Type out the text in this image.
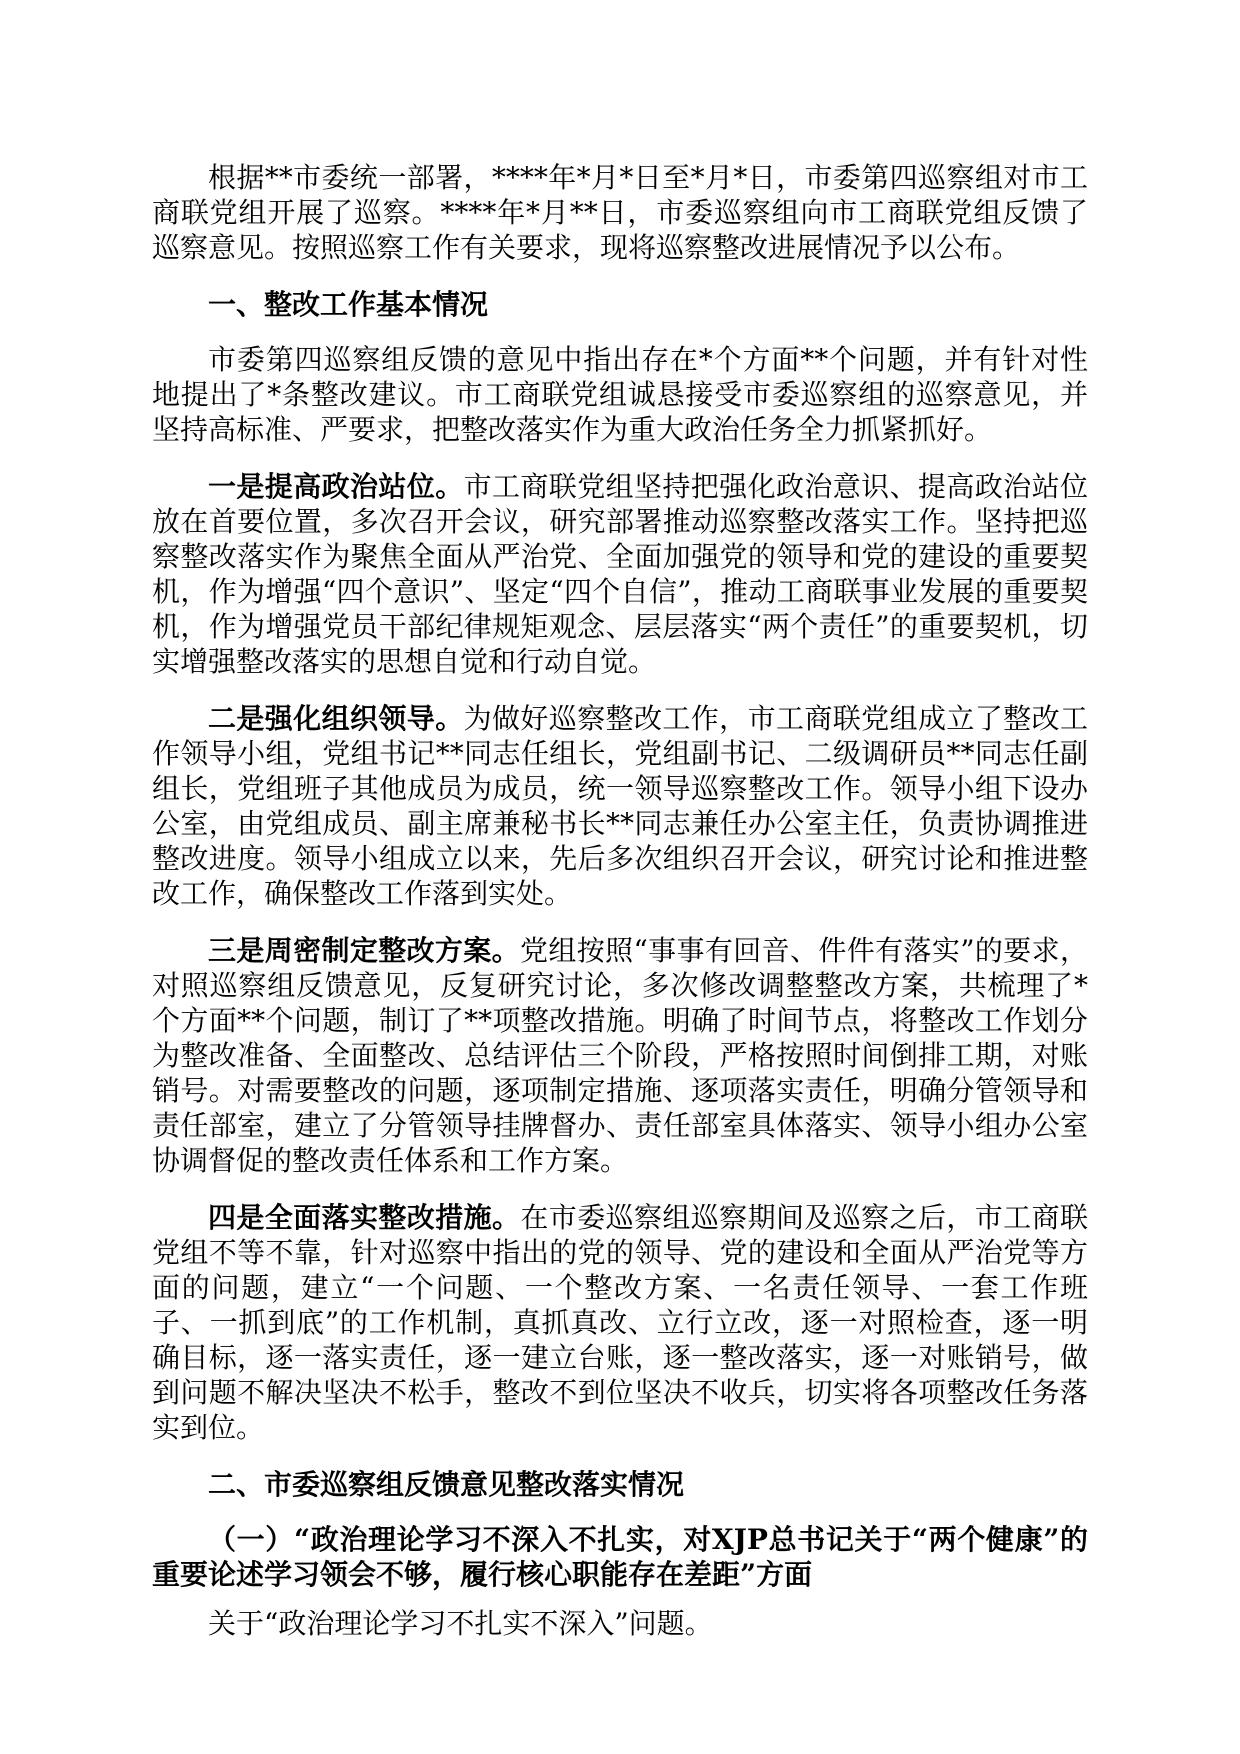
根据**市委统一部署，****年*月*日至*月*日，市委第四巡察组对市工商联党组开展了巡察。****年*月**日，市委巡察组向市工商联党组反馈了巡察意见。按照巡察工作有关要求，现将巡察整改进展情况予以公布。

一、整改工作基本情况

市委第四巡察组反馈的意见中指出存在*个方面**个问题，并有针对性地提出了*条整改建议。市工商联党组诚恳接受市委巡察组的巡察意见，并坚持高标准、严要求，把整改落实作为重大政治任务全力抓紧抓好。

一是提高政治站位。市工商联党组坚持把强化政治意识、提高政治站位放在首要位置，多次召开会议，研究部署推动巡察整改落实工作。坚持把巡察整改落实作为聚焦全面从严治党、全面加强党的领导和党的建设的重要契机，作为增强“四个意识”、坚定“四个自信”，推动工商联事业发展的重要契机，作为增强党员干部纪律规矩观念、层层落实“两个责任”的重要契机，切实增强整改落实的思想自觉和行动自觉。

二是强化组织领导。为做好巡察整改工作，市工商联党组成立了整改工作领导小组，党组书记**同志任组长，党组副书记、二级调研员**同志任副组长，党组班子其他成员为成员，统一领导巡察整改工作。领导小组下设办公室，由党组成员、副主席兼秘书长**同志兼任办公室主任，负责协调推进整改进度。领导小组成立以来，先后多次组织召开会议，研究讨论和推进整改工作，确保整改工作落到实处。

三是周密制定整改方案。党组按照“事事有回音、件件有落实”的要求，对照巡察组反馈意见，反复研究讨论，多次修改调整整改方案，共梳理了*个方面**个问题，制订了**项整改措施。明确了时间节点，将整改工作划分为整改准备、全面整改、总结评估三个阶段，严格按照时间倒排工期，对账销号。对需要整改的问题，逐项制定措施、逐项落实责任，明确分管领导和责任部室，建立了分管领导挂牌督办、责任部室具体落实、领导小组办公室协调督促的整改责任体系和工作方案。

四是全面落实整改措施。在市委巡察组巡察期间及巡察之后，市工商联党组不等不靠，针对巡察中指出的党的领导、党的建设和全面从严治党等方面的问题，建立“一个问题、一个整改方案、一名责任领导、一套工作班子、一抓到底”的工作机制，真抓真改、立行立改，逐一对照检查，逐一明确目标，逐一落实责任，逐一建立台账，逐一整改落实，逐一对账销号，做到问题不解决坚决不松手，整改不到位坚决不收兵，切实将各项整改任务落实到位。

二、市委巡察组反馈意见整改落实情况

（一）“政治理论学习不深入不扎实，对XJP总书记关于“两个健康”的重要论述学习领会不够，履行核心职能存在差距”方面

关于“政治理论学习不扎实不深入”问题。
